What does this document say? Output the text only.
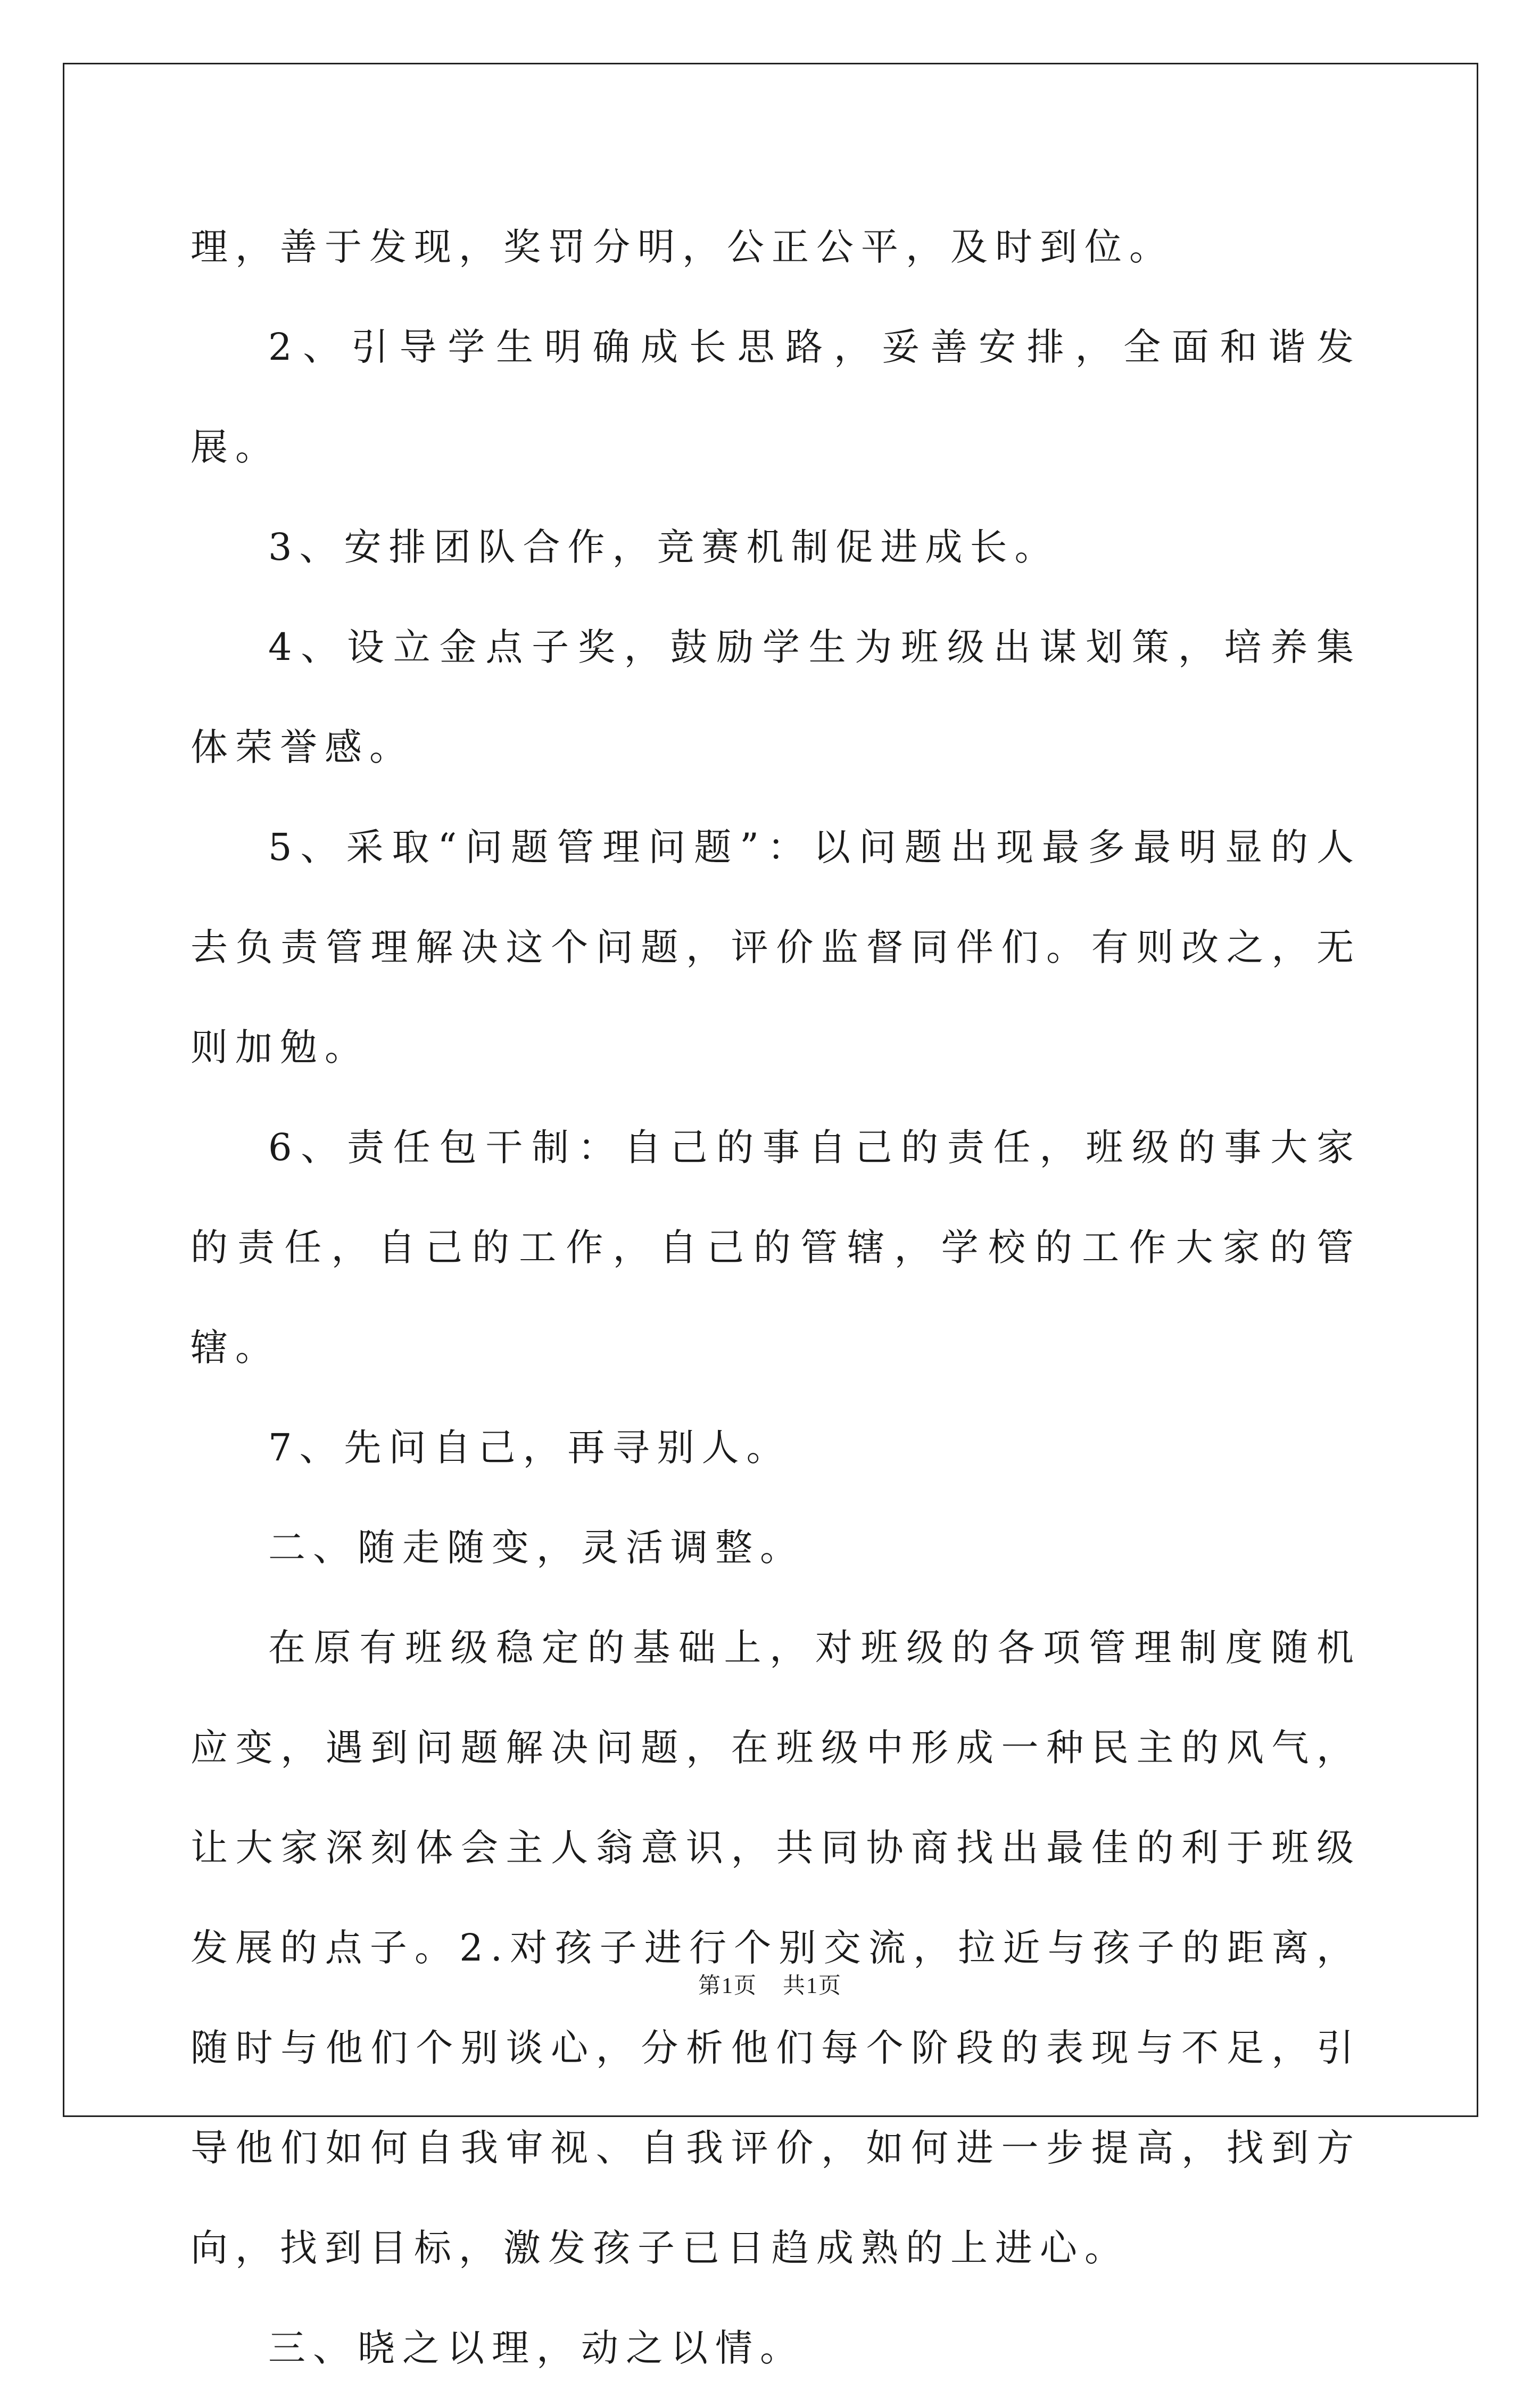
理，善于发现，奖罚分明，公正公平，及时到位。

2、引导学生明确成长思路，妥善安排，全面和谐发展。

3、安排团队合作，竞赛机制促进成长。

4、设立金点子奖，鼓励学生为班级出谋划策，培养集体荣誉感。

5、采取“问题管理问题”：以问题出现最多最明显的人去负责管理解决这个问题，评价监督同伴们。有则改之，无则加勉。

6、责任包干制：自己的事自己的责任，班级的事大家的责任，自己的工作，自己的管辖，学校的工作大家的管辖。

7、先问自己，再寻别人。

二、随走随变，灵活调整。

在原有班级稳定的基础上，对班级的各项管理制度随机应变，遇到问题解决问题，在班级中形成一种民主的风气，让大家深刻体会主人翁意识，共同协商找出最佳的利于班级发展的点子。2.对孩子进行个别交流，拉近与孩子的距离，随时与他们个别谈心，分析他们每个阶段的表现与不足，引导他们如何自我审视、自我评价，如何进一步提高，找到方向，找到目标，激发孩子已日趋成熟的上进心。

三、晓之以理，动之以情。

第1页 共1页
